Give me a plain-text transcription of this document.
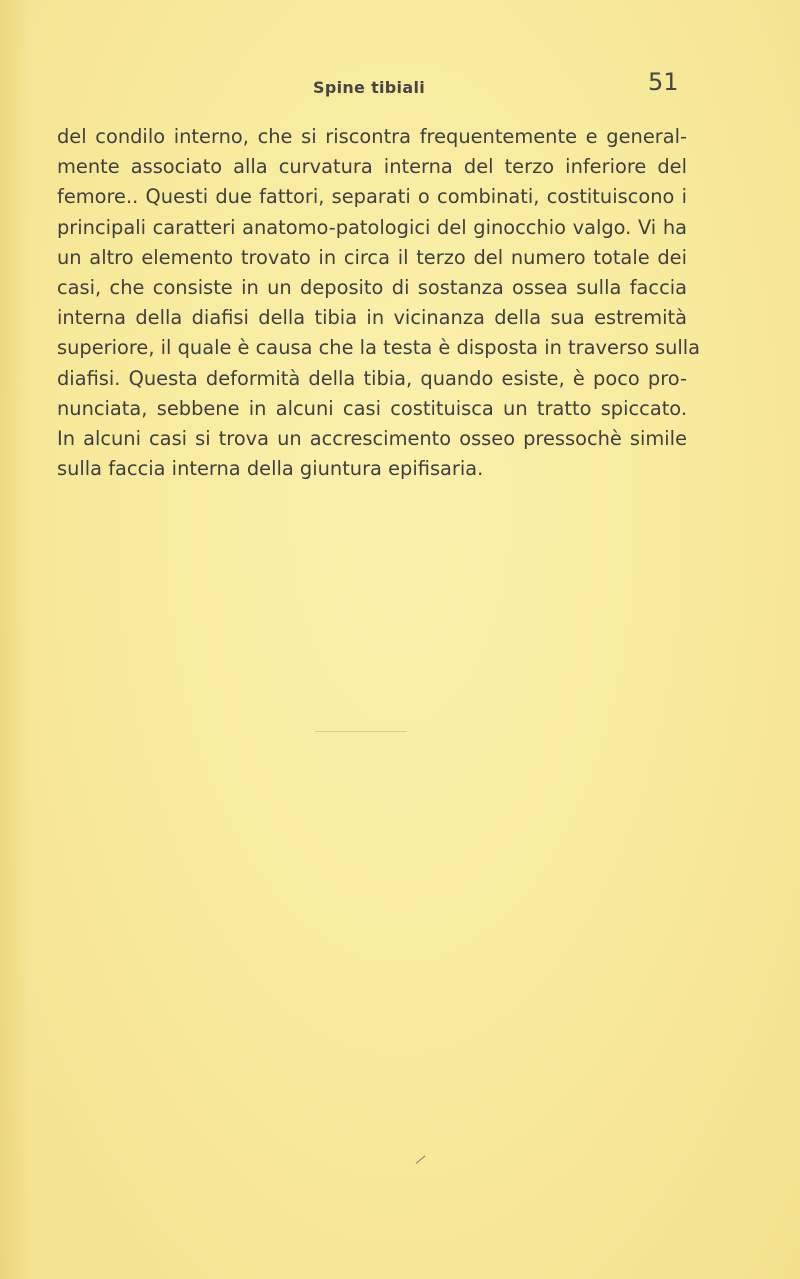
Spine tibiali	51
del condilo interno, che si riscontra frequentemente e general-
mente associato alla curvatura interna del terzo inferiore del
femore.. Questi due fattori, separati o combinati, costituiscono i
principali caratteri anatomo-patologici del ginocchio valgo. Vi ha
un altro elemento trovato in circa il terzo del numero totale dei
casi, che consiste in un deposito di sostanza ossea sulla faccia
interna della diafisi della tibia in vicinanza della sua estremità
superiore, il quale è causa che la testa è disposta in traverso sulla
diafisi. Questa deformità della tibia, quando esiste, è poco pro-
nunciata, sebbene in alcuni casi costituisca un tratto spiccato.
In alcuni casi si trova un accrescimento osseo pressochè simile
sulla faccia interna della giuntura epifisaria.
